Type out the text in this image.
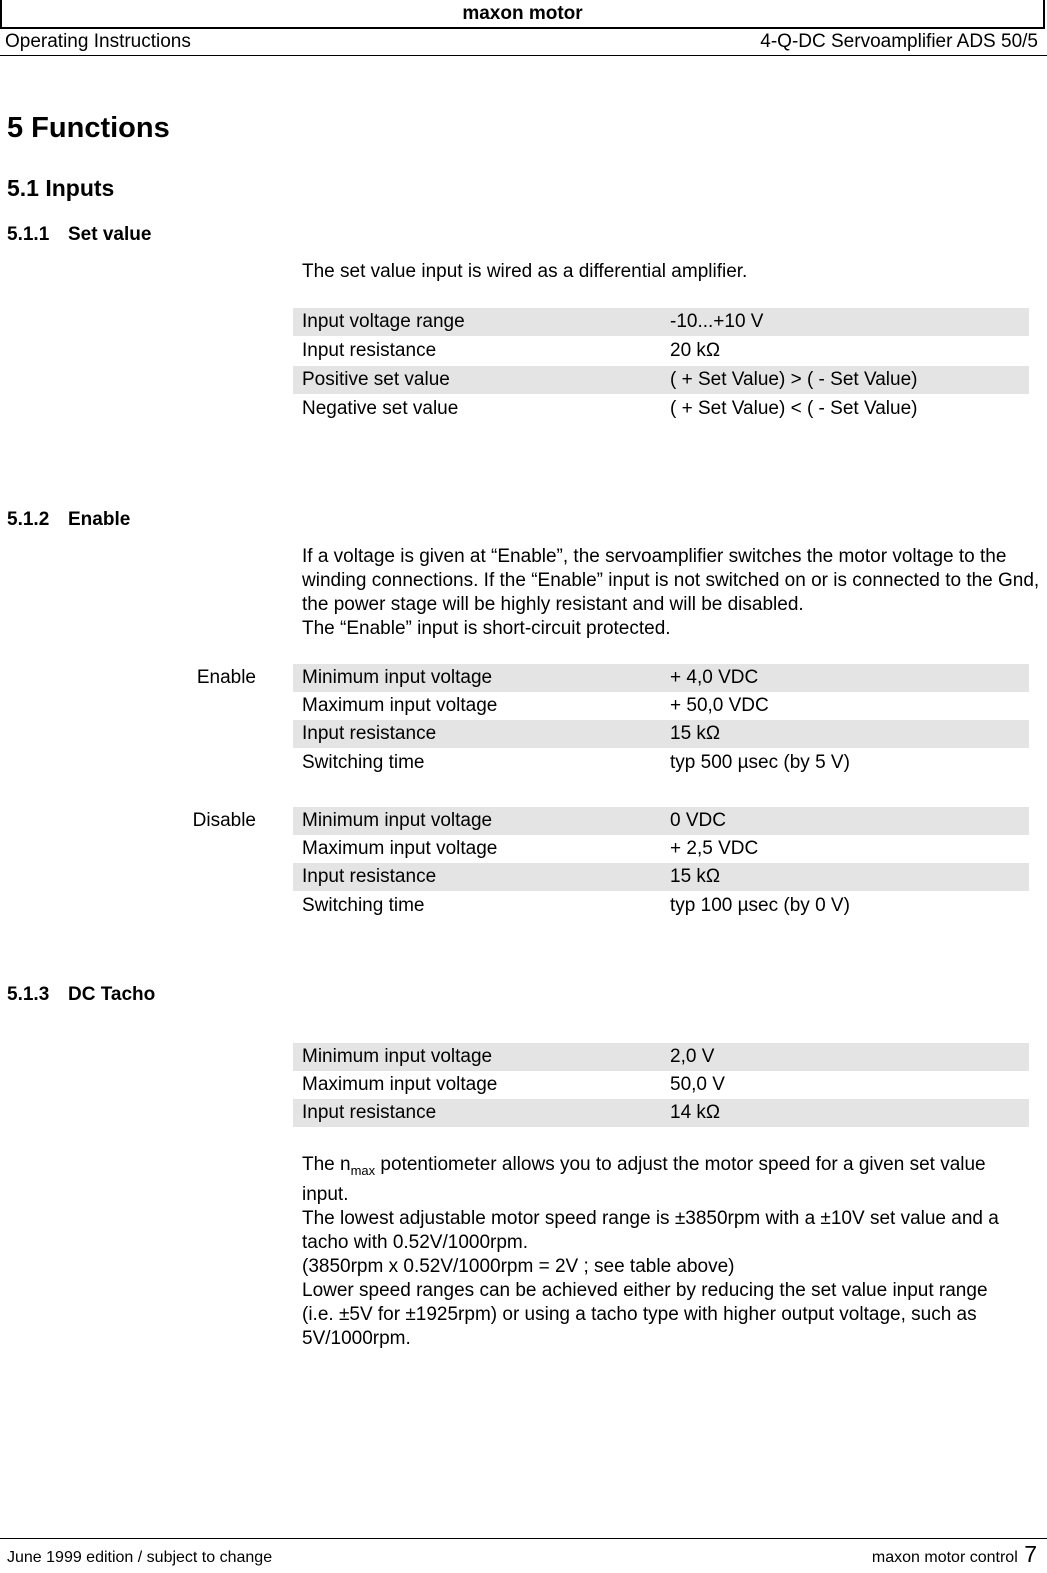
maxon motor
Operating Instructions	4-Q-DC Servoamplifier ADS 50/5
5 Functions
5.1 Inputs
5.1.1 Set value

The set value input is wired as a differential amplifier.

Input voltage range	-10...+10 V
Input resistance	20 kΩ
Positive set value	( + Set Value) > ( - Set Value)
Negative set value	( + Set Value) < ( - Set Value)
5.1.2 Enable

If a voltage is given at “Enable”, the servoamplifier switches the motor voltage to the winding connections. If the “Enable” input is not switched on or is connected to the Gnd, the power stage will be highly resistant and will be disabled.
The “Enable” input is short-circuit protected.

Enable Minimum input voltage	+ 4,0 VDC
Maximum input voltage	+ 50,0 VDC
Input resistance	15 kΩ
Switching time	typ 500 µsec (by 5 V)
Disable Minimum input voltage	0 VDC
Maximum input voltage	+ 2,5 VDC
Input resistance	15 kΩ
Switching time	typ 100 µsec (by 0 V)
5.1.3 DC Tacho
Minimum input voltage	2,0 V
Maximum input voltage	50,0 V
Input resistance	14 kΩ

The $n_{max}$ potentiometer allows you to adjust the motor speed for a given set value input.
The lowest adjustable motor speed range is ±3850rpm with a ±10V set value and a tacho with 0.52V/1000rpm.
(3850rpm x 0.52V/1000rpm = 2V ; see table above)
Lower speed ranges can be achieved either by reducing the set value input range (i.e. ±5V for ±1925rpm) or using a tacho type with higher output voltage, such as 5V/1000rpm.

June 1999 edition / subject to change	maxon motor control 7
